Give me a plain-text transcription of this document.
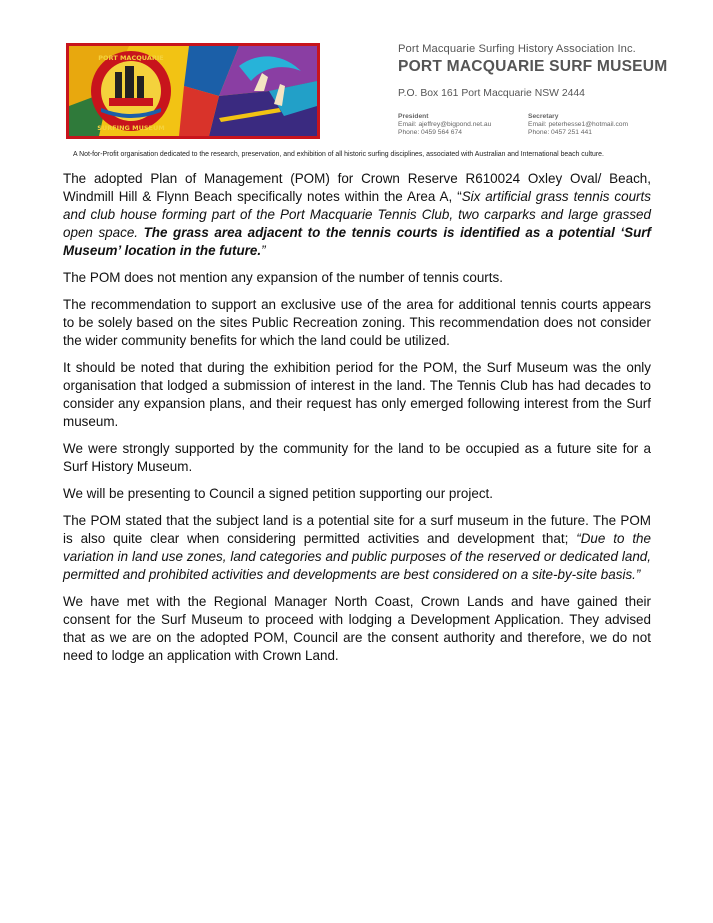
PORT MACQUARIE
SURFING MUSEUM
Port Macquarie Surfing History Association Inc.
PORT MACQUARIE SURF MUSEUM
P.O. Box 161 Port Macquarie NSW 2444
President
Email: ajeffrey@bigpond.net.au
Phone: 0459 564 674
Secretary
Email: peterhesse1@hotmail.com
Phone: 0457 251 441
A Not-for-Profit organisation dedicated to the research, preservation, and exhibition of all historic surfing disciplines, associated with Australian and International beach culture.

The adopted Plan of Management (POM) for Crown Reserve R610024 Oxley Oval/ Beach, Windmill Hill & Flynn Beach specifically notes within the Area A, “Six artificial grass tennis courts and club house forming part of the Port Macquarie Tennis Club, two carparks and large grassed open space. The grass area adjacent to the tennis courts is identified as a potential ‘Surf Museum’ location in the future.”

The POM does not mention any expansion of the number of tennis courts.

The recommendation to support an exclusive use of the area for additional tennis courts appears to be solely based on the sites Public Recreation zoning. This recommendation does not consider the wider community benefits for which the land could be utilized.

It should be noted that during the exhibition period for the POM, the Surf Museum was the only organisation that lodged a submission of interest in the land. The Tennis Club has had decades to consider any expansion plans, and their request has only emerged following interest from the Surf museum.

We were strongly supported by the community for the land to be occupied as a future site for a Surf History Museum.

We will be presenting to Council a signed petition supporting our project.

The POM stated that the subject land is a potential site for a surf museum in the future. The POM is also quite clear when considering permitted activities and development that; “Due to the variation in land use zones, land categories and public purposes of the reserved or dedicated land, permitted and prohibited activities and developments are best considered on a site-by-site basis.”

We have met with the Regional Manager North Coast, Crown Lands and have gained their consent for the Surf Museum to proceed with lodging a Development Application. They advised that as we are on the adopted POM, Council are the consent authority and therefore, we do not need to lodge an application with Crown Land.
